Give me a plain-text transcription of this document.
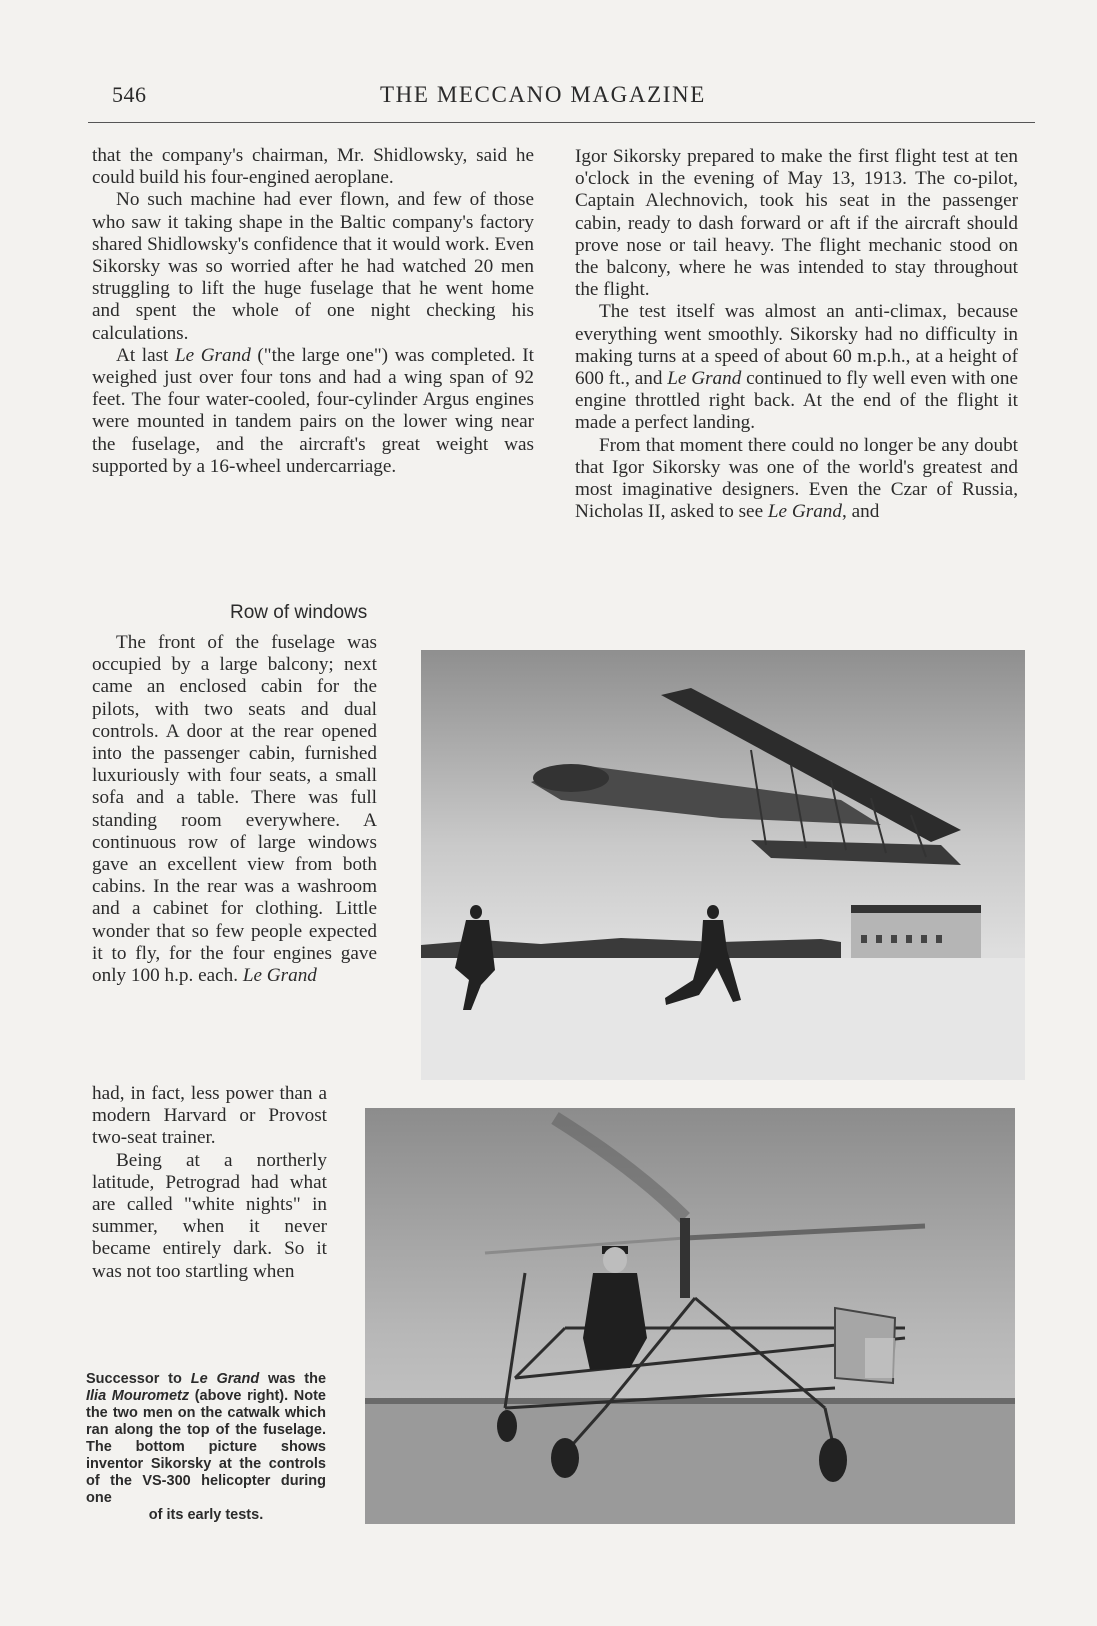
546	THE MECCANO MAGAZINE

that the company's chairman, Mr. Shidlowsky, said he could build his four-engined aeroplane.

No such machine had ever flown, and few of those who saw it taking shape in the Baltic company's factory shared Shidlowsky's confidence that it would work. Even Sikorsky was so worried after he had watched 20 men struggling to lift the huge fuselage that he went home and spent the whole of one night checking his calculations.

At last Le Grand ("the large one") was completed. It weighed just over four tons and had a wing span of 92 feet. The four water-cooled, four-cylinder Argus engines were mounted in tandem pairs on the lower wing near the fuselage, and the aircraft's great weight was supported by a 16-wheel undercarriage.

Row of windows

The front of the fuselage was occupied by a large balcony; next came an enclosed cabin for the pilots, with two seats and dual controls. A door at the rear opened into the passenger cabin, furnished luxuriously with four seats, a small sofa and a table. There was full standing room everywhere. A continuous row of large windows gave an excellent view from both cabins. In the rear was a washroom and a cabinet for clothing. Little wonder that so few people expected it to fly, for the four engines gave only 100 h.p. each. Le Grand

had, in fact, less power than a modern Harvard or Provost two-seat trainer.

Being at a northerly latitude, Petrograd had what are called "white nights" in summer, when it never became entirely dark. So it was not too startling when

Igor Sikorsky prepared to make the first flight test at ten o'clock in the evening of May 13, 1913. The co-pilot, Captain Alechnovich, took his seat in the passenger cabin, ready to dash forward or aft if the aircraft should prove nose or tail heavy. The flight mechanic stood on the balcony, where he was intended to stay throughout the flight.

The test itself was almost an anti-climax, because everything went smoothly. Sikorsky had no difficulty in making turns at a speed of about 60 m.p.h., at a height of 600 ft., and Le Grand continued to fly well even with one engine throttled right back. At the end of the flight it made a perfect landing.

From that moment there could no longer be any doubt that Igor Sikorsky was one of the world's greatest and most imaginative designers. Even the Czar of Russia, Nicholas II, asked to see Le Grand, and

Successor to Le Grand was the Ilia Mourometz (above right). Note the two men on the catwalk which ran along the top of the fuselage. The bottom picture shows inventor Sikorsky at the controls of the VS-300 helicopter during one
of its early tests.
